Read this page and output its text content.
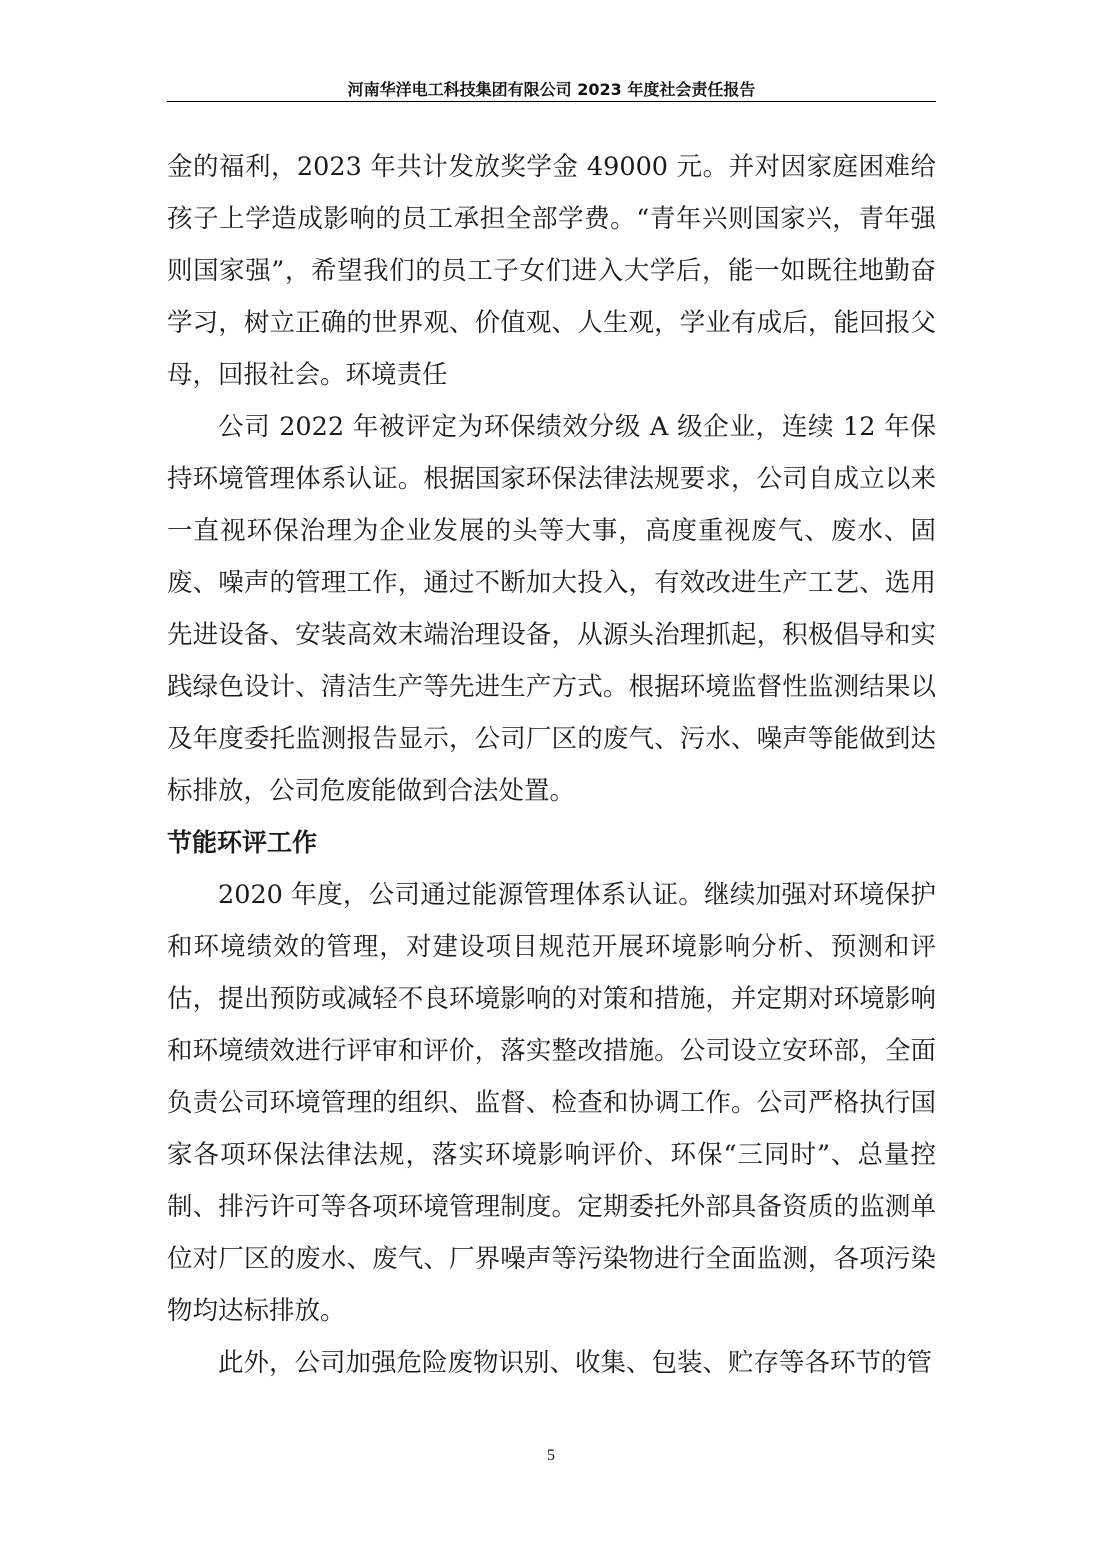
河南华洋电工科技集团有限公司 2023 年度社会责任报告

金的福利，2023 年共计发放奖学金 49000 元。并对因家庭困难给孩子上学造成影响的员工承担全部学费。“青年兴则国家兴，青年强则国家强”，希望我们的员工子女们进入大学后，能一如既往地勤奋学习，树立正确的世界观、价值观、人生观，学业有成后，能回报父母，回报社会。环境责任

公司 2022 年被评定为环保绩效分级 A 级企业，连续 12 年保持环境管理体系认证。根据国家环保法律法规要求，公司自成立以来一直视环保治理为企业发展的头等大事，高度重视废气、废水、固废、噪声的管理工作，通过不断加大投入，有效改进生产工艺、选用先进设备、安装高效末端治理设备，从源头治理抓起，积极倡导和实践绿色设计、清洁生产等先进生产方式。根据环境监督性监测结果以及年度委托监测报告显示，公司厂区的废气、污水、噪声等能做到达标排放，公司危废能做到合法处置。

节能环评工作

2020 年度，公司通过能源管理体系认证。继续加强对环境保护和环境绩效的管理，对建设项目规范开展环境影响分析、预测和评估，提出预防或减轻不良环境影响的对策和措施，并定期对环境影响和环境绩效进行评审和评价，落实整改措施。公司设立安环部，全面负责公司环境管理的组织、监督、检查和协调工作。公司严格执行国家各项环保法律法规，落实环境影响评价、环保“三同时”、总量控制、排污许可等各项环境管理制度。定期委托外部具备资质的监测单位对厂区的废水、废气、厂界噪声等污染物进行全面监测，各项污染物均达标排放。

此外，公司加强危险废物识别、收集、包装、贮存等各环节的管

5
